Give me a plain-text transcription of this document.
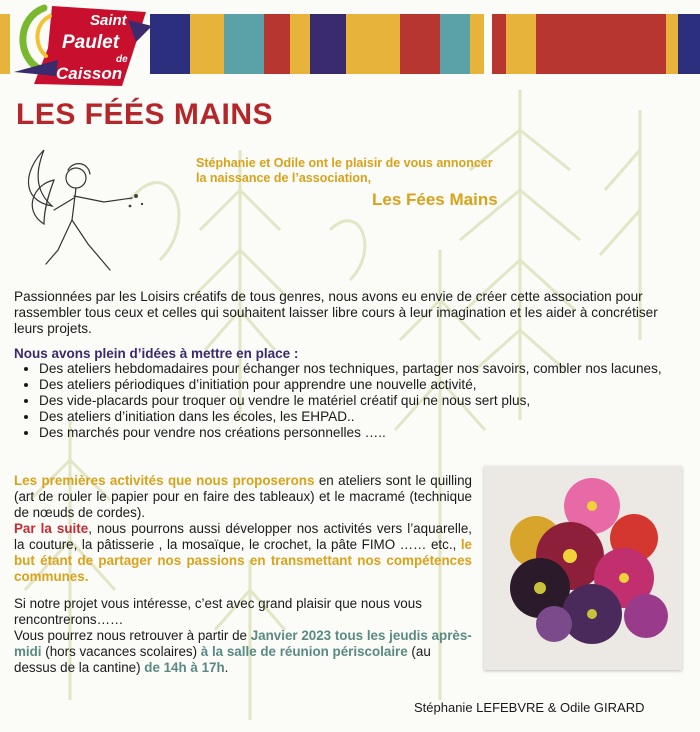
Saint
Paulet
de
Caisson
LES FÉÉS MAINS
Stéphanie et Odile ont le plaisir de vous annoncer
la naissance de l’association,
Les Fées Mains
Passionnées par les Loisirs créatifs de tous genres, nous avons eu envie de créer cette association pour rassembler tous ceux et celles qui souhaitent laisser libre cours à leur imagination et les aider à concrétiser leurs projets.
Nous avons plein d’idées à mettre en place :
• Des ateliers hebdomadaires pour échanger nos techniques, partager nos savoirs, combler nos lacunes,
• Des ateliers périodiques d’initiation pour apprendre une nouvelle activité,
• Des vide-placards pour troquer ou vendre le matériel créatif qui ne nous sert plus,
• Des ateliers d’initiation dans les écoles, les EHPAD..
• Des marchés pour vendre nos créations personnelles …..
Les premières activités que nous proposerons en ateliers sont le quilling (art de rouler le papier pour en faire des tableaux) et le macramé (technique de nœuds de cordes).
Par la suite, nous pourrons aussi développer nos activités vers l’aquarelle, la couture, la pâtisserie , la mosaïque, le crochet, la pâte FIMO …… etc., le but étant de partager nos passions en transmettant nos compétences communes.
Si notre projet vous intéresse, c’est avec grand plaisir que nous vous rencontrerons……
Vous pourrez nous retrouver à partir de Janvier 2023 tous les jeudis après-midi (hors vacances scolaires) à la salle de réunion périscolaire (au dessus de la cantine) de 14h à 17h.
Stéphanie LEFEBVRE & Odile GIRARD
